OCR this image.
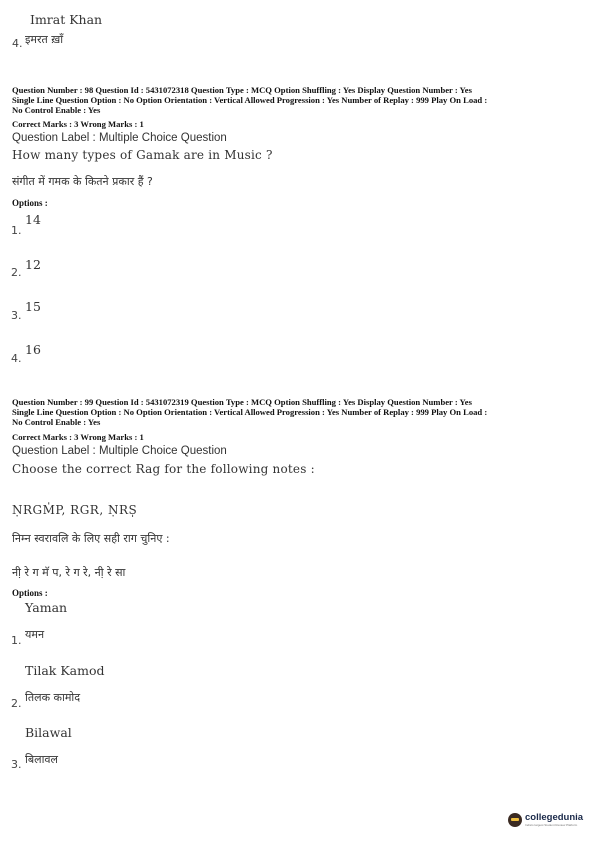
Imrat Khan
4. इमरत ख़ाँ
Question Number : 98 Question Id : 5431072318 Question Type : MCQ Option Shuffling : Yes Display Question Number : Yes
Single Line Question Option : No Option Orientation : Vertical Allowed Progression : Yes Number of Replay : 999 Play On Load :
No Control Enable : Yes
Correct Marks : 3 Wrong Marks : 1
Question Label : Multiple Choice Question
How many types of Gamak are in Music ?
संगीत में गमक के कितने प्रकार हैं ?
Options :
1.
14
2.
12
3.
15
4.
16
Question Number : 99 Question Id : 5431072319 Question Type : MCQ Option Shuffling : Yes Display Question Number : Yes
Single Line Question Option : No Option Orientation : Vertical Allowed Progression : Yes Number of Replay : 999 Play On Load :
No Control Enable : Yes
Correct Marks : 3 Wrong Marks : 1
Question Label : Multiple Choice Question
Choose the correct Rag for the following notes :
ṆRGM̍P, RGR, ṆRS̩
निम्न स्वरावलि के लिए सही राग चुनिए :
नी़ रे ग मॅ प, रे ग रे, नी़ रे सा
Options :
Yaman
1. यमन
Tilak Kamod
2. तिलक कामोद
Bilawal
3. बिलावल
collegedunia
India's largest Student Review Platform
